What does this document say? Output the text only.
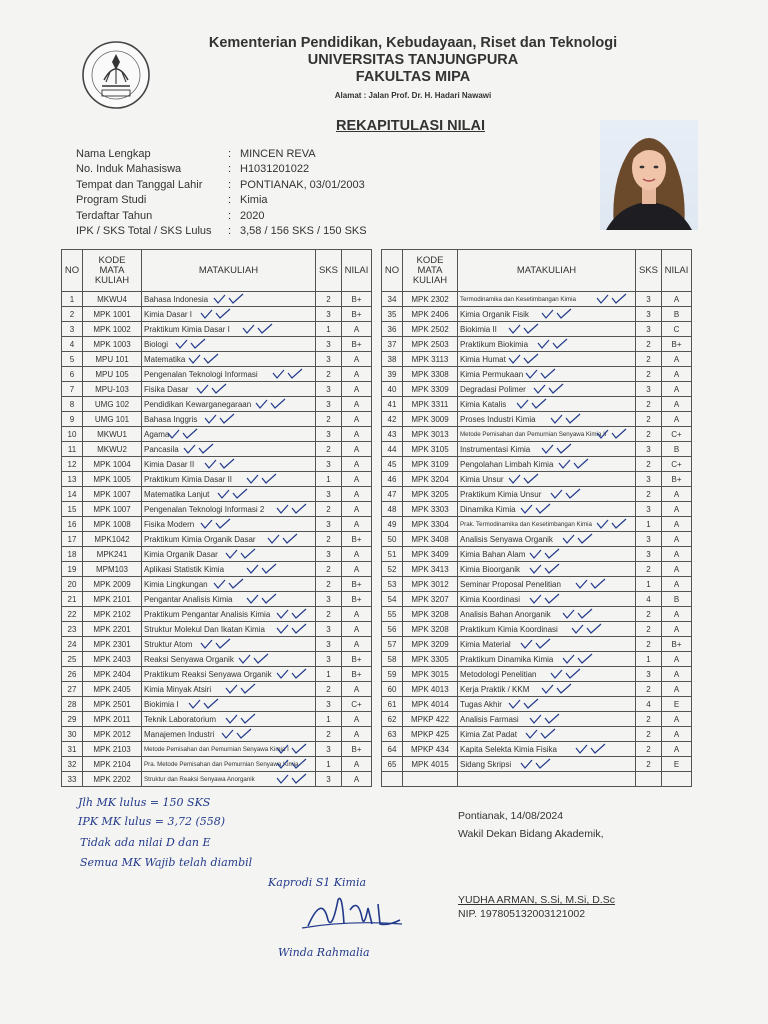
Kementerian Pendidikan, Kebudayaan, Riset dan Teknologi
UNIVERSITAS TANJUNGPURA
FAKULTAS MIPA
Alamat : Jalan Prof. Dr. H. Hadari Nawawi
REKAPITULASI NILAI
Nama Lengkap	: MINCEN REVA
No. Induk Mahasiswa	: H1031201022
Tempat dan Tanggal Lahir	: PONTIANAK, 03/01/2003
Program Studi	: Kimia
Terdaftar Tahun	: 2020
IPK / SKS Total / SKS Lulus	: 3,58 / 156 SKS / 150 SKS
NO	KODE MATA KULIAH	MATAKULIAH	SKS	NILAI
1	MKWU4	Bahasa Indonesia	2	B+
2	MPK 1001	Kimia Dasar I	3	B+
3	MPK 1002	Praktikum Kimia Dasar I	1	A
4	MPK 1003	Biologi	3	B+
5	MPU 101	Matematika	3	A
6	MPU 105	Pengenalan Teknologi Informasi	2	A
7	MPU-103	Fisika Dasar	3	A
8	UMG 102	Pendidikan Kewarganegaraan	3	A
9	UMG 101	Bahasa Inggris	2	A
10	MKWU1	Agama	3	A
11	MKWU2	Pancasila	2	A
12	MPK 1004	Kimia Dasar II	3	A
13	MPK 1005	Praktikum Kimia Dasar II	1	A
14	MPK 1007	Matematika Lanjut	3	A
15	MPK 1007	Pengenalan Teknologi Informasi 2	2	A
16	MPK 1008	Fisika Modern	3	A
17	MPK1042	Praktikum Kimia Organik Dasar	2	B+
18	MPK241	Kimia Organik Dasar	3	A
19	MPM103	Aplikasi Statistik Kimia	2	A
20	MPK 2009	Kimia Lingkungan	2	B+
21	MPK 2101	Pengantar Analisis Kimia	3	B+
22	MPK 2102	Praktikum Pengantar Analisis Kimia	2	A
23	MPK 2201	Struktur Molekul Dan Ikatan Kimia	3	A
24	MPK 2301	Struktur Atom	3	A
25	MPK 2403	Reaksi Senyawa Organik	3	B+
26	MPK 2404	Praktikum Reaksi Senyawa Organik	1	B+
27	MPK 2405	Kimia Minyak Atsiri	2	A
28	MPK 2501	Biokimia I	3	C+
29	MPK 2011	Teknik Laboratorium	1	A
30	MPK 2012	Manajemen Industri	2	A
31	MPK 2103	Metode Pemisahan dan Pemurnian Senyawa Kimia I	3	B+
32	MPK 2104	Pra. Metode Pemisahan dan Pemurnian Senyawa Kimia	1	A
33	MPK 2202	Struktur dan Reaksi Senyawa Anorganik	3	A
NO	KODE MATA KULIAH	MATAKULIAH	SKS	NILAI
34	MPK 2302	Termodinamika dan Kesetimbangan Kimia	3	A
35	MPK 2406	Kimia Organik Fisik	3	B
36	MPK 2502	Biokimia II	3	C
37	MPK 2503	Praktikum Biokimia	2	B+
38	MPK 3113	Kimia Humat	2	A
39	MPK 3308	Kimia Permukaan	2	A
40	MPK 3309	Degradasi Polimer	3	A
41	MPK 3311	Kimia Katalis	2	A
42	MPK 3009	Proses Industri Kimia	2	A
43	MPK 3013	Metode Pemisahan dan Pemurnian Senyawa Kimia II	2	C+
44	MPK 3105	Instrumentasi Kimia	3	B
45	MPK 3109	Pengolahan Limbah Kimia	2	C+
46	MPK 3204	Kimia Unsur	3	B+
47	MPK 3205	Praktikum Kimia Unsur	2	A
48	MPK 3303	Dinamika Kimia	3	A
49	MPK 3304	Prak. Termodinamika dan Kesetimbangan Kimia	1	A
50	MPK 3408	Analisis Senyawa Organik	3	A
51	MPK 3409	Kimia Bahan Alam	3	A
52	MPK 3413	Kimia Bioorganik	2	A
53	MPK 3012	Seminar Proposal Penelitian	1	A
54	MPK 3207	Kimia Koordinasi	4	B
55	MPK 3208	Analisis Bahan Anorganik	2	A
56	MPK 3208	Praktikum Kimia Koordinasi	2	A
57	MPK 3209	Kimia Material	2	B+
58	MPK 3305	Praktikum Dinamika Kimia	1	A
59	MPK 3015	Metodologi Penelitian	3	A
60	MPK 4013	Kerja Praktik / KKM	2	A
61	MPK 4014	Tugas Akhir	4	E
62	MPKP 422	Analisis Farmasi	2	A
63	MPKP 425	Kimia Zat Padat	2	A
64	MPKP 434	Kapita Selekta Kimia Fisika	2	A
65	MPK 4015	Sidang Skripsi	2	E

Jlh MK lulus = 150 SKS
IPK MK lulus = 3,72 (558)
Tidak ada nilai D dan E
Semua MK Wajib telah diambil
Kaprodi S1 Kimia
Winda Rahmalia
Pontianak, 14/08/2024
Wakil Dekan Bidang Akademik,
YUDHA ARMAN, S.Si, M.Si, D.Sc
NIP. 197805132003121002
